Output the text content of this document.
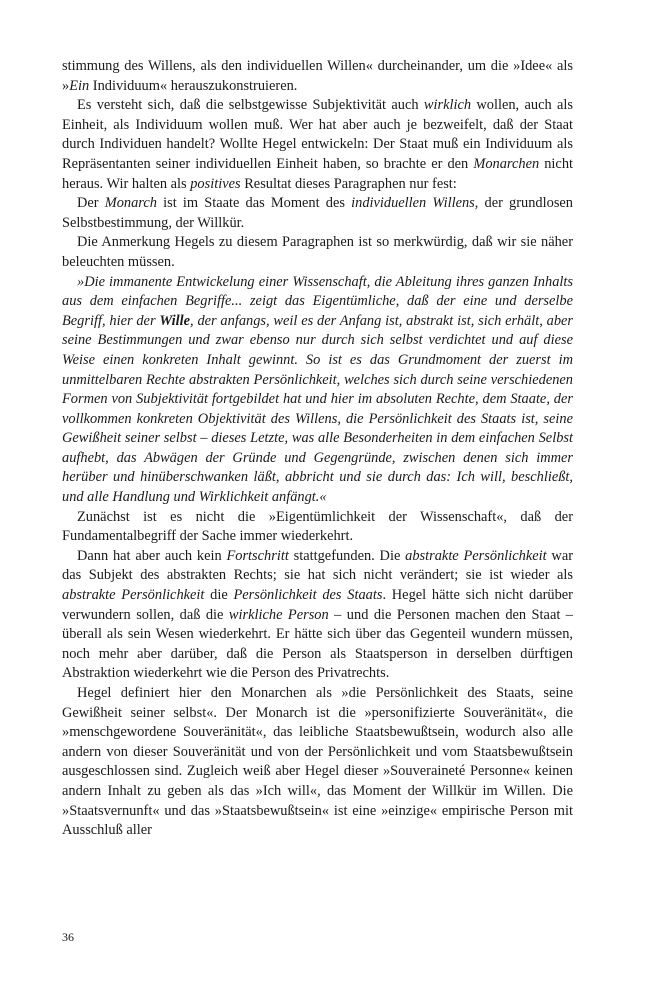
stimmung des Willens, als den individuellen Willen« durcheinander, um die »Idee« als »Ein Individuum« herauszukonstruieren.

Es versteht sich, daß die selbstgewisse Subjektivität auch wirklich wollen, auch als Einheit, als Individuum wollen muß. Wer hat aber auch je bezweifelt, daß der Staat durch Individuen handelt? Wollte Hegel entwickeln: Der Staat muß ein Individuum als Repräsentanten seiner individuellen Einheit haben, so brachte er den Monarchen nicht heraus. Wir halten als positives Resultat dieses Paragraphen nur fest:

Der Monarch ist im Staate das Moment des individuellen Willens, der grundlosen Selbstbestimmung, der Willkür.

Die Anmerkung Hegels zu diesem Paragraphen ist so merkwürdig, daß wir sie näher beleuchten müssen.

»Die immanente Entwickelung einer Wissenschaft, die Ableitung ihres ganzen Inhalts aus dem einfachen Begriffe... zeigt das Eigentümliche, daß der eine und derselbe Begriff, hier der Wille, der anfangs, weil es der Anfang ist, abstrakt ist, sich erhält, aber seine Bestimmungen und zwar ebenso nur durch sich selbst verdichtet und auf diese Weise einen konkreten Inhalt gewinnt. So ist es das Grundmoment der zuerst im unmittelbaren Rechte abstrakten Persönlichkeit, welches sich durch seine verschiedenen Formen von Subjektivität fortgebildet hat und hier im absoluten Rechte, dem Staate, der vollkommen konkreten Objektivität des Willens, die Persönlichkeit des Staats ist, seine Gewißheit seiner selbst – dieses Letzte, was alle Besonderheiten in dem einfachen Selbst aufhebt, das Abwägen der Gründe und Gegengründe, zwischen denen sich immer herüber und hinüberschwanken läßt, abbricht und sie durch das: Ich will, beschließt, und alle Handlung und Wirklichkeit anfängt.«

Zunächst ist es nicht die »Eigentümlichkeit der Wissenschaft«, daß der Fundamentalbegriff der Sache immer wiederkehrt.

Dann hat aber auch kein Fortschritt stattgefunden. Die abstrakte Persönlichkeit war das Subjekt des abstrakten Rechts; sie hat sich nicht verändert; sie ist wieder als abstrakte Persönlichkeit die Persönlichkeit des Staats. Hegel hätte sich nicht darüber verwundern sollen, daß die wirkliche Person – und die Personen machen den Staat – überall als sein Wesen wiederkehrt. Er hätte sich über das Gegenteil wundern müssen, noch mehr aber darüber, daß die Person als Staatsperson in derselben dürftigen Abstraktion wiederkehrt wie die Person des Privatrechts.

Hegel definiert hier den Monarchen als »die Persönlichkeit des Staats, seine Gewißheit seiner selbst«. Der Monarch ist die »personifizierte Souveränität«, die »menschgewordene Souveränität«, das leibliche Staatsbewußtsein, wodurch also alle andern von dieser Souveränität und von der Persönlichkeit und vom Staatsbewußtsein ausgeschlossen sind. Zugleich weiß aber Hegel dieser »Souveraineté Personne« keinen andern Inhalt zu geben als das »Ich will«, das Moment der Willkür im Willen. Die »Staatsvernunft« und das »Staatsbewußtsein« ist eine »einzige« empirische Person mit Ausschluß aller

36
